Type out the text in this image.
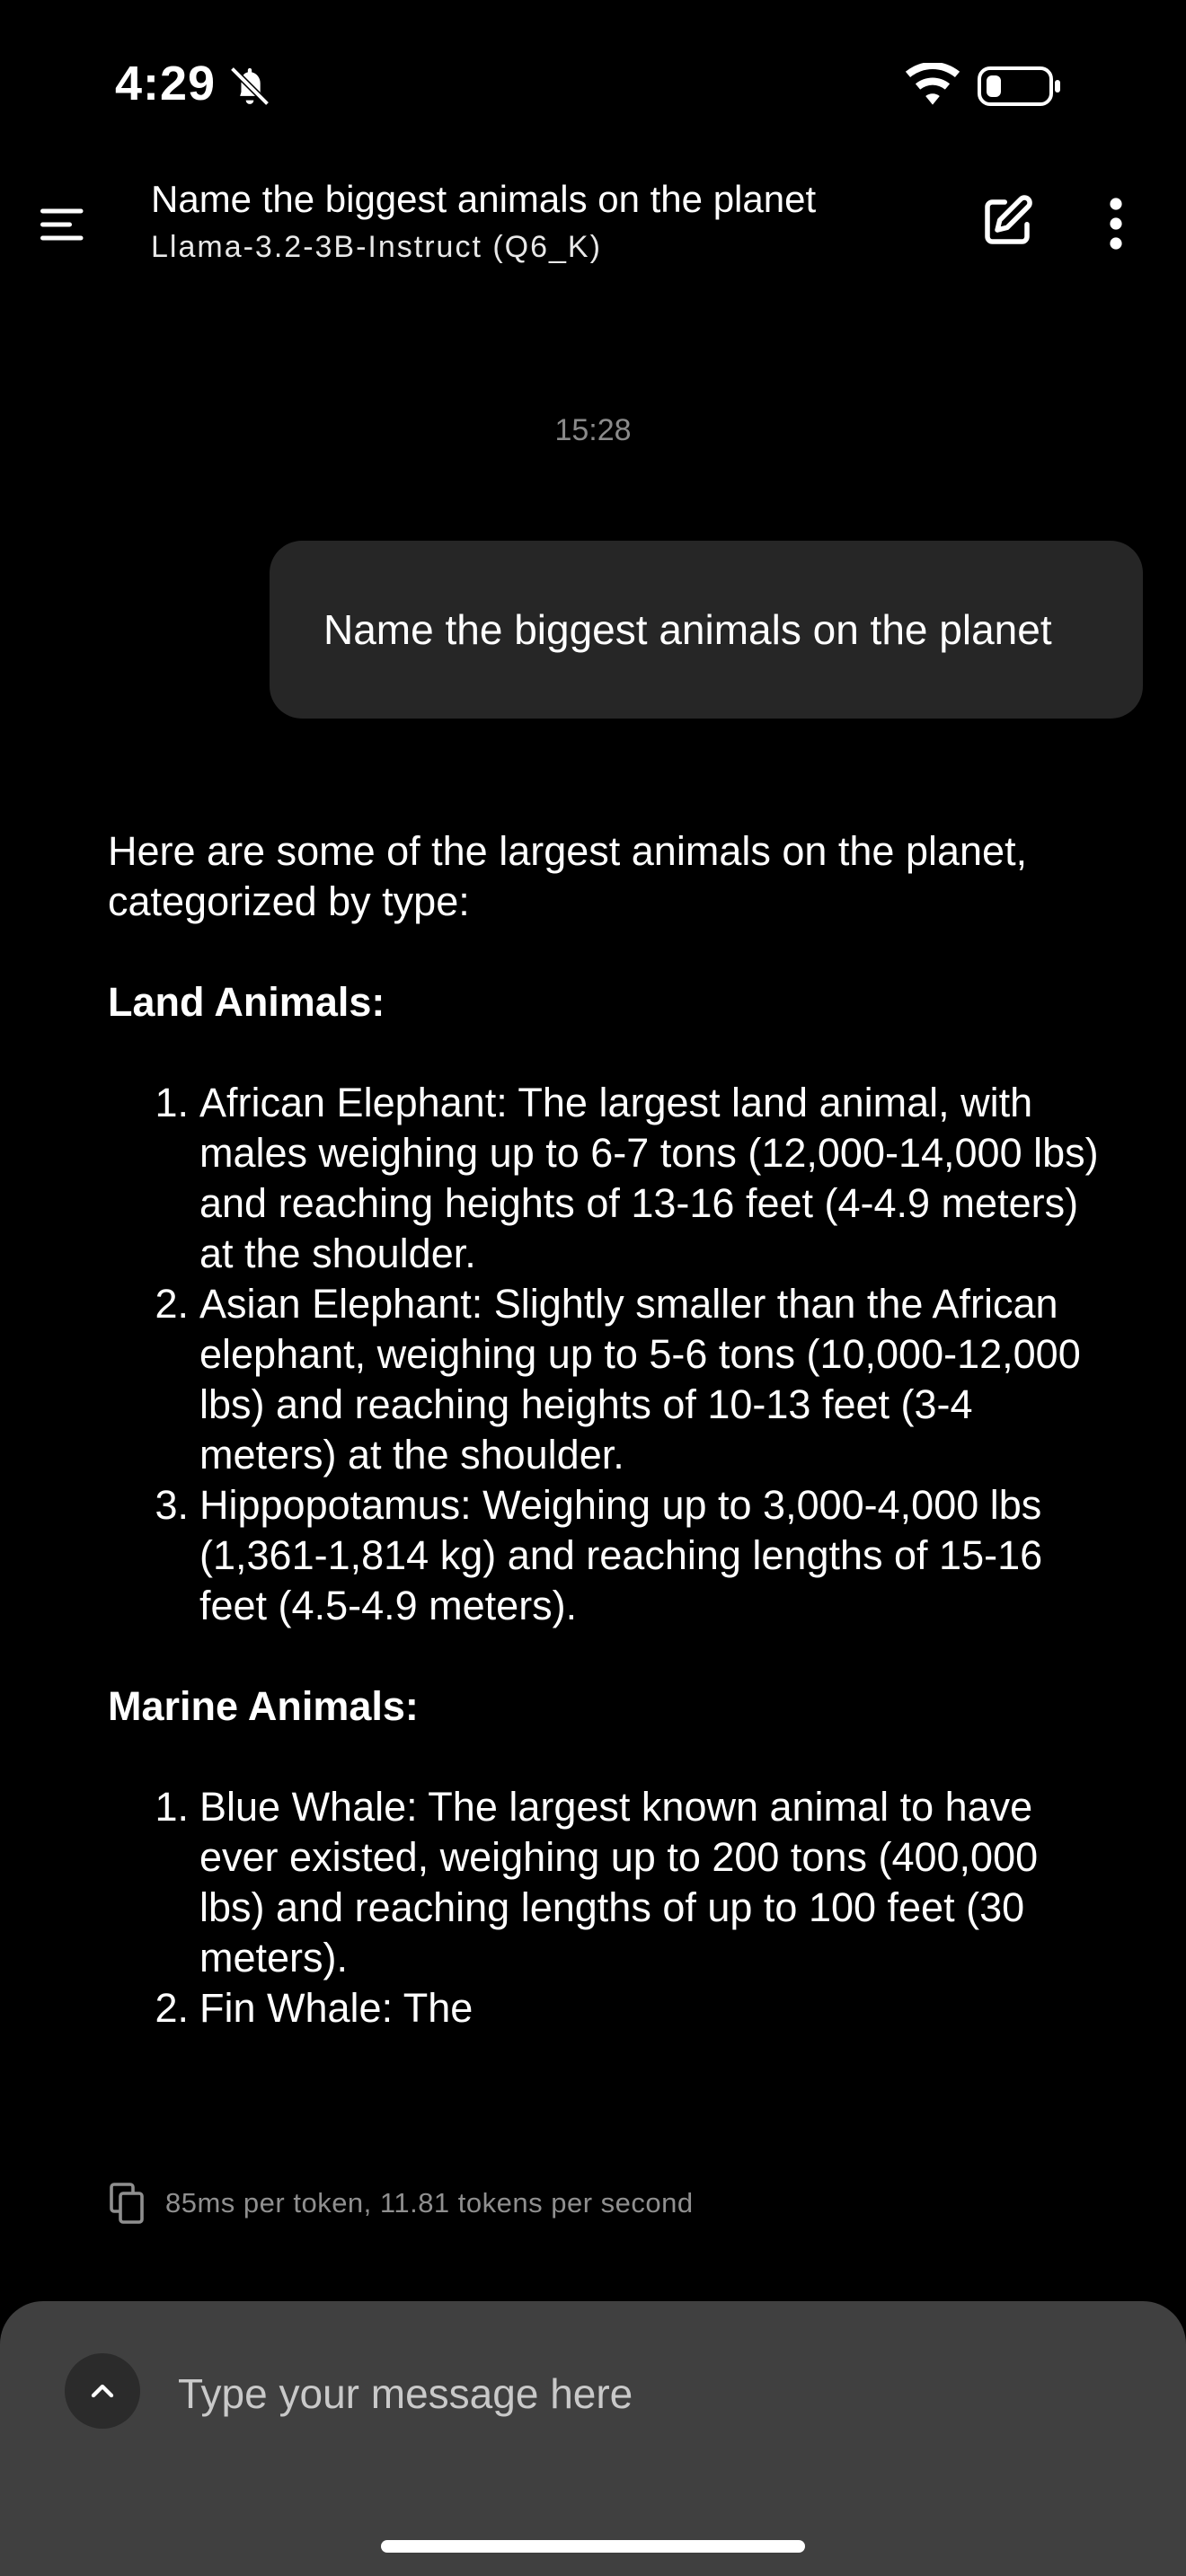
4:29
Name the biggest animals on the planet
Llama-3.2-3B-Instruct (Q6_K)
15:28
Name the biggest animals on the planet

Here are some of the largest animals on the planet, categorized by type:

Land Animals:

1. African Elephant: The largest land animal, with males weighing up to 6-7 tons (12,000-14,000 lbs) and reaching heights of 13-16 feet (4-4.9 meters) at the shoulder.
2. Asian Elephant: Slightly smaller than the African elephant, weighing up to 5-6 tons (10,000-12,000 lbs) and reaching heights of 10-13 feet (3-4 meters) at the shoulder.
3. Hippopotamus: Weighing up to 3,000-4,000 lbs (1,361-1,814 kg) and reaching lengths of 15-16 feet (4.5-4.9 meters).

Marine Animals:

1. Blue Whale: The largest known animal to have ever existed, weighing up to 200 tons (400,000 lbs) and reaching lengths of up to 100 feet (30 meters).
2. Fin Whale: The
85ms per token, 11.81 tokens per second
Type your message here
